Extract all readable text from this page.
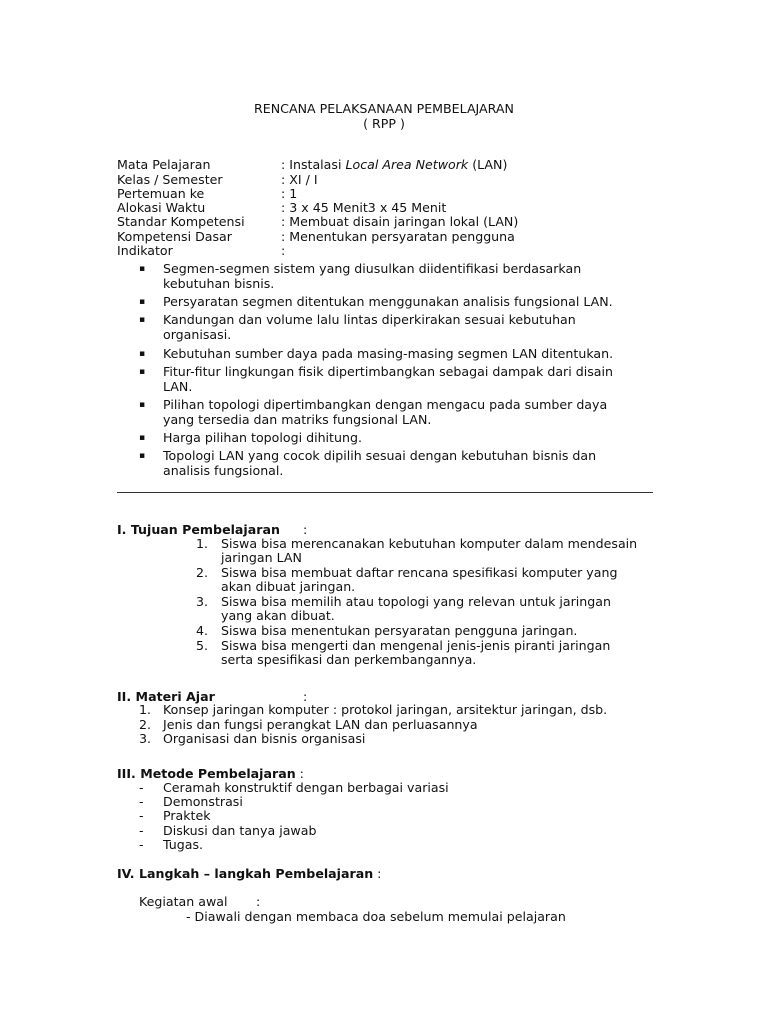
RENCANA PELAKSANAAN PEMBELAJARAN
( RPP )
Mata Pelajaran	: Instalasi Local Area Network (LAN)
Kelas / Semester	: XI / I
Pertemuan ke	: 1
Alokasi Waktu	: 3 x 45 Menit3 x 45 Menit
Standar Kompetensi	: Membuat disain jaringan lokal (LAN)
Kompetensi Dasar	: Menentukan persyaratan pengguna
Indikator	:
▪ Segmen-segmen sistem yang diusulkan diidentifikasi berdasarkan
kebutuhan bisnis.
▪ Persyaratan segmen ditentukan menggunakan analisis fungsional LAN.
▪ Kandungan dan volume lalu lintas diperkirakan sesuai kebutuhan
organisasi.
▪ Kebutuhan sumber daya pada masing-masing segmen LAN ditentukan.
▪ Fitur-fitur lingkungan fisik dipertimbangkan sebagai dampak dari disain
LAN.
▪ Pilihan topologi dipertimbangkan dengan mengacu pada sumber daya
yang tersedia dan matriks fungsional LAN.
▪ Harga pilihan topologi dihitung.
▪ Topologi LAN yang cocok dipilih sesuai dengan kebutuhan bisnis dan
analisis fungsional.
I. Tujuan Pembelajaran :
1. Siswa bisa merencanakan kebutuhan komputer dalam mendesain
jaringan LAN
2. Siswa bisa membuat daftar rencana spesifikasi komputer yang
akan dibuat jaringan.
3. Siswa bisa memilih atau topologi yang relevan untuk jaringan
yang akan dibuat.
4. Siswa bisa menentukan persyaratan pengguna jaringan.
5. Siswa bisa mengerti dan mengenal jenis-jenis piranti jaringan
serta spesifikasi dan perkembangannya.
II. Materi Ajar	:
1. Konsep jaringan komputer : protokol jaringan, arsitektur jaringan, dsb.
2. Jenis dan fungsi perangkat LAN dan perluasannya
3. Organisasi dan bisnis organisasi
III. Metode Pembelajaran :
- Ceramah konstruktif dengan berbagai variasi
- Demonstrasi
- Praktek
- Diskusi dan tanya jawab
- Tugas.
IV. Langkah – langkah Pembelajaran :
Kegiatan awal :
- Diawali dengan membaca doa sebelum memulai pelajaran
